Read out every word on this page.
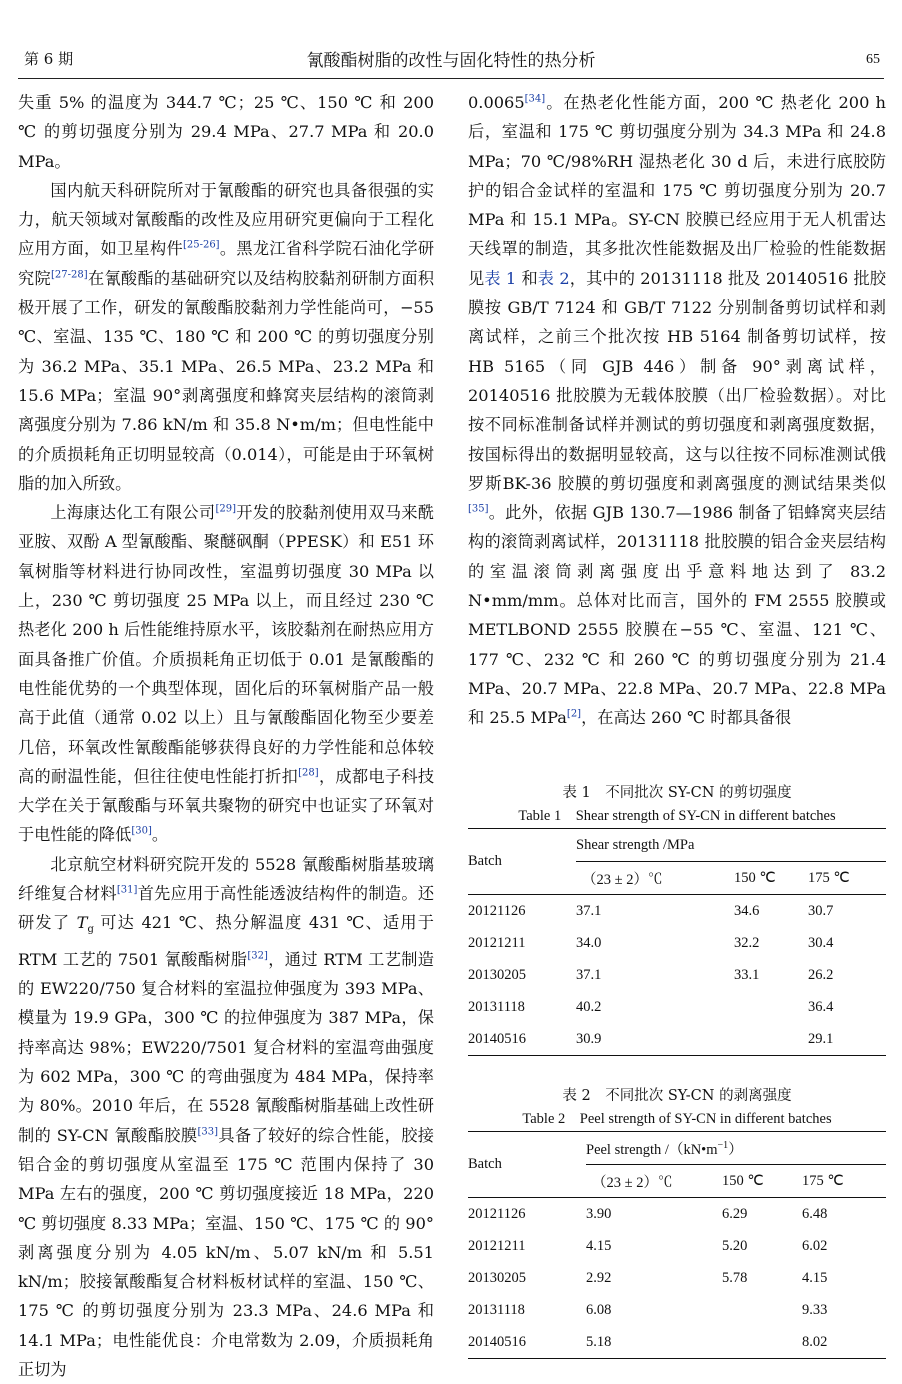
第 6 期	氰酸酯树脂的改性与固化特性的热分析	65

失重 5% 的温度为 344.7 ℃；25 ℃、150 ℃ 和 200 ℃ 的剪切强度分别为 29.4 MPa、27.7 MPa 和 20.0 MPa。

国内航天科研院所对于氰酸酯的研究也具备很强的实力，航天领域对氰酸酯的改性及应用研究更偏向于工程化应用方面，如卫星构件[25-26]。黑龙江省科学院石油化学研究院[27-28]在氰酸酯的基础研究以及结构胶黏剂研制方面积极开展了工作，研发的氰酸酯胶黏剂力学性能尚可，−55 ℃、室温、135 ℃、180 ℃ 和 200 ℃ 的剪切强度分别为 36.2 MPa、35.1 MPa、26.5 MPa、23.2 MPa 和 15.6 MPa；室温 90°剥离强度和蜂窝夹层结构的滚筒剥离强度分别为 7.86 kN/m 和 35.8 N•m/m；但电性能中的介质损耗角正切明显较高（0.014），可能是由于环氧树脂的加入所致。

上海康达化工有限公司[29]开发的胶黏剂使用双马来酰亚胺、双酚 A 型氰酸酯、聚醚砜酮（PPESK）和 E51 环氧树脂等材料进行协同改性，室温剪切强度 30 MPa 以上，230 ℃ 剪切强度 25 MPa 以上，而且经过 230 ℃ 热老化 200 h 后性能维持原水平，该胶黏剂在耐热应用方面具备推广价值。介质损耗角正切低于 0.01 是氰酸酯的电性能优势的一个典型体现，固化后的环氧树脂产品一般高于此值（通常 0.02 以上）且与氰酸酯固化物至少要差几倍，环氧改性氰酸酯能够获得良好的力学性能和总体较高的耐温性能，但往往使电性能打折扣[28]，成都电子科技大学在关于氰酸酯与环氧共聚物的研究中也证实了环氧对于电性能的降低[30]。

北京航空材料研究院开发的 5528 氰酸酯树脂基玻璃纤维复合材料[31]首先应用于高性能透波结构件的制造。还研发了 $T_g$ 可达 421 ℃、热分解温度 431 ℃、适用于 RTM 工艺的 7501 氰酸酯树脂[32]，通过 RTM 工艺制造的 EW220/750 复合材料的室温拉伸强度为 393 MPa、模量为 19.9 GPa，300 ℃ 的拉伸强度为 387 MPa，保持率高达 98%；EW220/7501 复合材料的室温弯曲强度为 602 MPa，300 ℃ 的弯曲强度为 484 MPa，保持率为 80%。2010 年后，在 5528 氰酸酯树脂基础上改性研制的 SY-CN 氰酸酯胶膜[33]具备了较好的综合性能，胶接铝合金的剪切强度从室温至 175 ℃ 范围内保持了 30 MPa 左右的强度，200 ℃ 剪切强度接近 18 MPa，220 ℃ 剪切强度 8.33 MPa；室温、150 ℃、175 ℃ 的 90°剥离强度分别为 4.05 kN/m、5.07 kN/m 和 5.51 kN/m；胶接氰酸酯复合材料板材试样的室温、150 ℃、175 ℃ 的剪切强度分别为 23.3 MPa、24.6 MPa 和 14.1 MPa；电性能优良：介电常数为 2.09，介质损耗角正切为

0.0065[34]。在热老化性能方面，200 ℃ 热老化 200 h 后，室温和 175 ℃ 剪切强度分别为 34.3 MPa 和 24.8 MPa；70 ℃/98%RH 湿热老化 30 d 后，未进行底胶防护的铝合金试样的室温和 175 ℃ 剪切强度分别为 20.7 MPa 和 15.1 MPa。SY-CN 胶膜已经应用于无人机雷达天线罩的制造，其多批次性能数据及出厂检验的性能数据见表 1 和表 2，其中的 20131118 批及 20140516 批胶膜按 GB/T 7124 和 GB/T 7122 分别制备剪切试样和剥离试样，之前三个批次按 HB 5164 制备剪切试样，按 HB 5165（同 GJB 446）制备 90°剥离试样，20140516 批胶膜为无载体胶膜（出厂检验数据）。对比按不同标准制备试样并测试的剪切强度和剥离强度数据，按国标得出的数据明显较高，这与以往按不同标准测试俄罗斯BK-36 胶膜的剪切强度和剥离强度的测试结果类似[35]。此外，依据 GJB 130.7—1986 制备了铝蜂窝夹层结构的滚筒剥离试样，20131118 批胶膜的铝合金夹层结构的室温滚筒剥离强度出乎意料地达到了 83.2 N•mm/mm。总体对比而言，国外的 FM 2555 胶膜或 METLBOND 2555 胶膜在−55 ℃、室温、121 ℃、177 ℃、232 ℃ 和 260 ℃ 的剪切强度分别为 21.4 MPa、20.7 MPa、22.8 MPa、20.7 MPa、22.8 MPa 和 25.5 MPa[2]，在高达 260 ℃ 时都具备很

表 1　不同批次 SY-CN 的剪切强度
Table 1　Shear strength of SY-CN in different batches
Batch	Shear strength /MPa		
	（23 ± 2）℃	150 ℃	175 ℃
20121126	37.1	34.6	30.7
20121211	34.0	32.2	30.4
20130205	37.1	33.1	26.2
20131118	40.2		36.4
20140516	30.9		29.1
表 2　不同批次 SY-CN 的剥离强度
Table 2　Peel strength of SY-CN in different batches
Batch	Peel strength $/(kN•m^{-1})$		
	（23 ± 2）℃	150 ℃	175 ℃
20121126	3.90	6.29	6.48
20121211	4.15	5.20	6.02
20130205	2.92	5.78	4.15
20131118	6.08		9.33
20140516	5.18		8.02
